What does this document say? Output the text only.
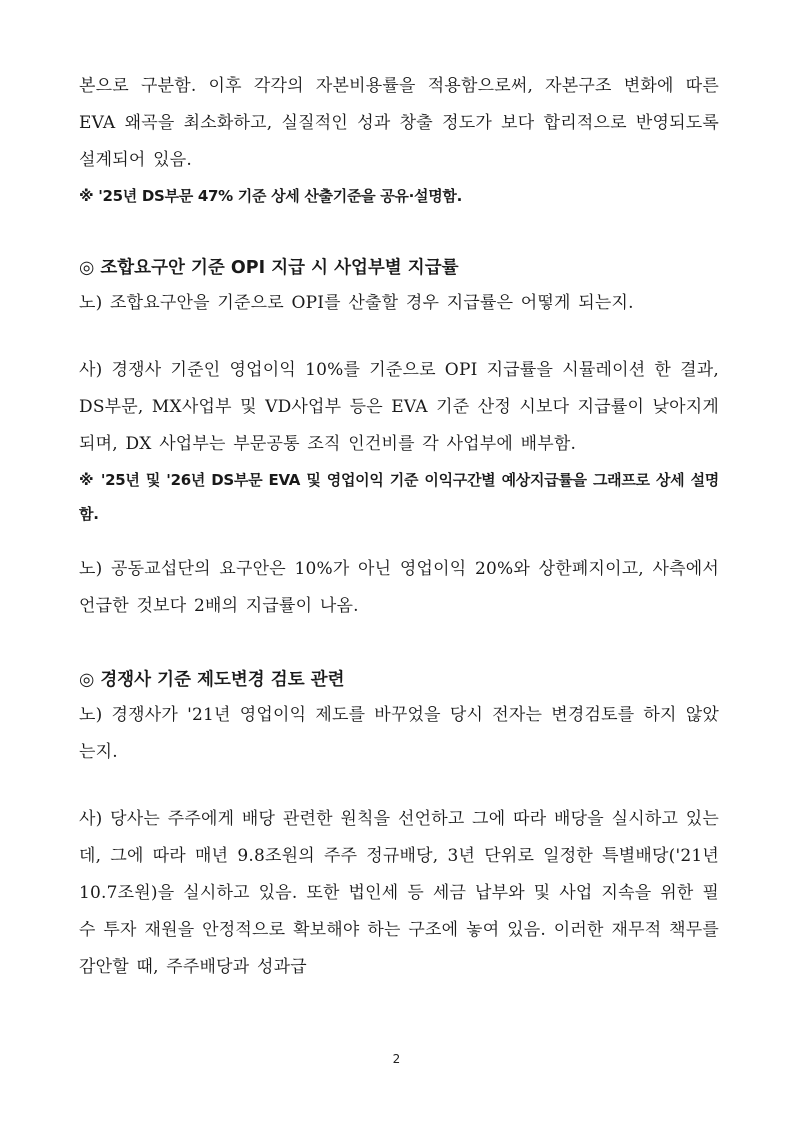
본으로 구분함. 이후 각각의 자본비용률을 적용함으로써, 자본구조 변화에 따른 EVA 왜곡을 최소화하고, 실질적인 성과 창출 정도가 보다 합리적으로 반영되도록 설계되어 있음.

※ '25년 DS부문 47% 기준 상세 산출기준을 공유·설명함.

◎ 조합요구안 기준 OPI 지급 시 사업부별 지급률

노) 조합요구안을 기준으로 OPI를 산출할 경우 지급률은 어떻게 되는지.

사) 경쟁사 기준인 영업이익 10%를 기준으로 OPI 지급률을 시뮬레이션 한 결과, DS부문, MX사업부 및 VD사업부 등은 EVA 기준 산정 시보다 지급률이 낮아지게 되며, DX 사업부는 부문공통 조직 인건비를 각 사업부에 배부함.

※ '25년 및 '26년 DS부문 EVA 및 영업이익 기준 이익구간별 예상지급률을 그래프로 상세 설명함.

노) 공동교섭단의 요구안은 10%가 아닌 영업이익 20%와 상한폐지이고, 사측에서 언급한 것보다 2배의 지급률이 나옴.

◎ 경쟁사 기준 제도변경 검토 관련

노) 경쟁사가 '21년 영업이익 제도를 바꾸었을 당시 전자는 변경검토를 하지 않았는지.

사) 당사는 주주에게 배당 관련한 원칙을 선언하고 그에 따라 배당을 실시하고 있는데, 그에 따라 매년 9.8조원의 주주 정규배당, 3년 단위로 일정한 특별배당('21년 10.7조원)을 실시하고 있음. 또한 법인세 등 세금 납부와 및 사업 지속을 위한 필수 투자 재원을 안정적으로 확보해야 하는 구조에 놓여 있음. 이러한 재무적 책무를 감안할 때, 주주배당과 성과급

2
